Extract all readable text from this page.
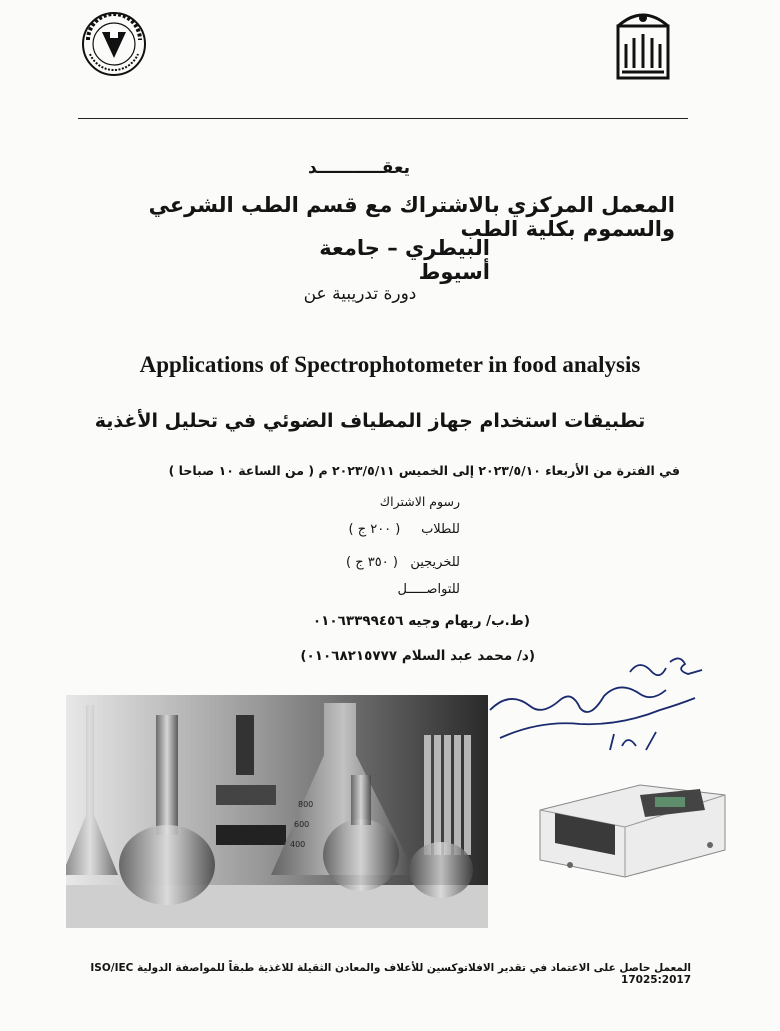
يعقـــــــــــد
المعمل المركزي بالاشتراك مع قسم الطب الشرعي والسموم بكلية الطب
البيطري – جامعة أسيوط
دورة تدريبية عن
Applications of Spectrophotometer in food analysis
تطبيقات استخدام جهاز المطياف الضوئي في تحليل الأغذية
في الفترة من الأربعاء ٢٠٢٣/٥/١٠ إلى الخميس ٢٠٢٣/٥/١١ م ( من الساعة ١٠ صباحا )
رسوم الاشتراك
للطلاب     ( ٢٠٠ ج )
للخريجين   ( ٣٥٠ ج )
للتواصـــــل
(ط.ب/ ريهام وجيه ٠١٠٦٣٣٩٩٤٥٦
(د/ محمد عبد السلام ٠١٠٦٨٢١٥٧٧٧)
800
600
400
المعمل حاصل على الاعتماد في تقدير الافلاتوكسين للأعلاف والمعادن الثقيلة للاغذية طبقاً للمواصفة الدولية ISO/IEC 17025:2017
